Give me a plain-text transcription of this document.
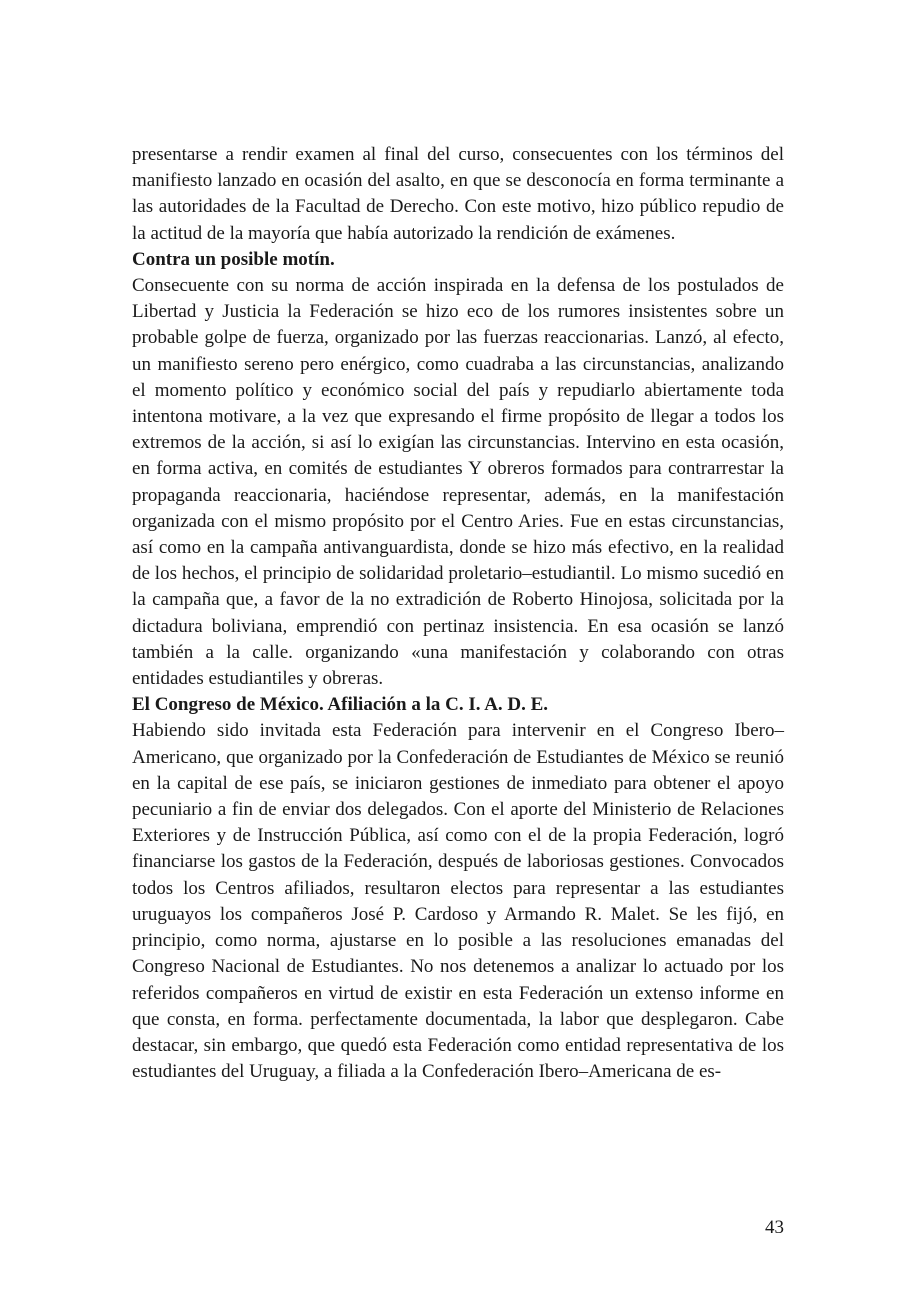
presentarse a rendir examen al final del curso, consecuentes con los términos del manifiesto lanzado en ocasión del asalto, en que se desconocía en forma terminante a las autoridades de la Facultad de Derecho. Con este motivo, hizo público repudio de la actitud de la mayoría que había autorizado la rendición de exámenes.

Contra un posible motín.

Consecuente con su norma de acción inspirada en la defensa de los postulados de Libertad y Justicia la Federación se hizo eco de los rumores insistentes sobre un probable golpe de fuerza, organizado por las fuerzas reaccionarias. Lanzó, al efecto, un manifiesto sereno pero enérgico, como cuadraba a las circunstancias, analizando el momento político y económico social del país y repudiarlo abiertamente toda intentona motivare, a la vez que expresando el firme propósito de llegar a todos los extremos de la acción, si así lo exigían las circunstancias. Intervino en esta ocasión, en forma activa, en comités de estudiantes Y obreros formados para contrarrestar la propaganda reaccionaria, haciéndose representar, además, en la manifestación organizada con el mismo propósito por el Centro Aries. Fue en estas circunstancias, así como en la campaña antivanguardista, donde se hizo más efectivo, en la realidad de los hechos, el principio de solidaridad proletario–estudiantil. Lo mismo sucedió en la campaña que, a favor de la no extradición de Roberto Hinojosa, solicitada por la dictadura boliviana, emprendió con pertinaz insistencia. En esa ocasión se lanzó también a la calle. organizando «una manifestación y colaborando con otras entidades estudiantiles y obreras.

El Congreso de México. Afiliación a la C. I. A. D. E.

Habiendo sido invitada esta Federación para intervenir en el Congreso Ibero– Americano, que organizado por la Confederación de Estudiantes de México se reunió en la capital de ese país, se iniciaron gestiones de inmediato para obtener el apoyo pecuniario a fin de enviar dos delegados. Con el aporte del Ministerio de Relaciones Exteriores y de Instrucción Pública, así como con el de la propia Federación, logró financiarse los gastos de la Federación, después de laboriosas gestiones. Convocados todos los Centros afiliados, resultaron electos para representar a las estudiantes uruguayos los compañeros José P. Cardoso y Armando R. Malet. Se les fijó, en principio, como norma, ajustarse en lo posible a las resoluciones emanadas del Congreso Nacional de Estudiantes. No nos detenemos a analizar lo actuado por los referidos compañeros en virtud de existir en esta Federación un extenso informe en que consta, en forma. perfectamente documentada, la labor que desplegaron. Cabe destacar, sin embargo, que quedó esta Federación como entidad representativa de los estudiantes del Uruguay, a filiada a la Confederación Ibero–Americana de es-

43
